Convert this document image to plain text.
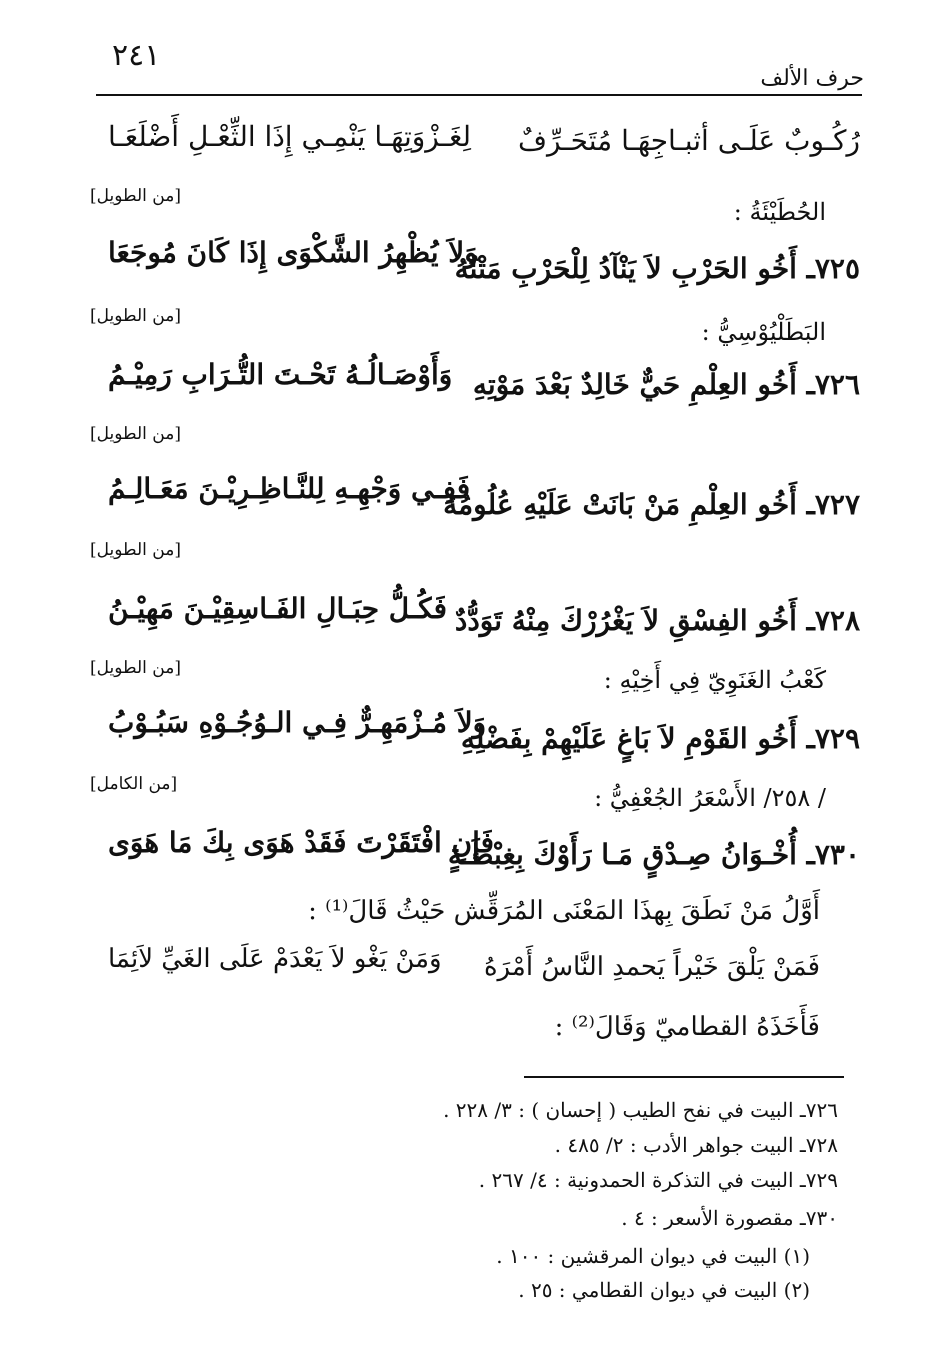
٢٤١
حرف الألف
رُكُـوبٌ عَلَـى أثبـاجِهَـا مُتَحَـرِّفٌ
لِغَـزْوَتِهَـا يَنْمِـي إِذَا الثِّعْـلِ أَضْلَعَـا
[من الطويل]
الحُطَيْئَةُ :
٧٢٥ـ أَخُو الحَرْبِ لاَ يَنْآدُ لِلْحَرْبِ مَتْنُهُ
وَلاَ يُظْهِرُ الشَّكْوَى إِذَا كَانَ مُوجَعَا
[من الطويل]
البَطَلْيُوْسِيُّ :
٧٢٦ـ أَخُو العِلْمِ حَيٌّ خَالِدٌ بَعْدَ مَوْتِهِ
وَأَوْصَـالُـهُ تَحْـتَ التُّـرَابِ رَمِيْـمُ
[من الطويل]
٧٢٧ـ أَخُو العِلْمِ مَنْ بَانَتْ عَلَيْهِ عُلُومُهُ
فَفِـي وَجْهِـهِ لِلنَّـاظِـرِيْـنَ مَعَـالِـمُ
[من الطويل]
٧٢٨ـ أَخُو الفِسْقِ لاَ يَغْرُرْكَ مِنْهُ تَوَدُّدٌ
فَكُـلُّ حِبَـالِ الفَـاسِقِيْـنَ مَهِيْـنُ
[من الطويل]	كَعْبُ الغَنَوِيّ فِي أَخِيْهِ :
٧٢٩ـ أَخُو القَوْمِ لاَ بَاغٍ عَلَيْهِمْ بِفَضْلِهِ
وَلاَ مُـزْمَهِـرٌّ فِـي الـوُجُـوْهِ سَبُـوْبُ
[من الكامل]	/ ٢٥٨/ الأَسْعَرُ الجُعْفِيُّ :
٧٣٠ـ أُخْـوَانُ صِـدْقٍ مَـا رَأَوْكَ بِغِبْطَـةٍ
فَإِنِ افْتَقَرْتَ فَقَدْ هَوَى بِكَ مَا هَوَى
أَوَّلُ مَنْ نَطَقَ بِهذَا المَعْنَى المُرَقِّش حَيْثُ قَالَ⁽¹⁾ :
فَمَنْ يَلْقَ خَيْراً يَحمدِ النَّاسُ أَمْرَهُ
وَمَنْ يَغْو لاَ يَعْدَمْ عَلَى الغَيِّ لاَئِمَا
فَأَخَذَهُ القطاميّ وَقَالَ⁽²⁾ :
٧٢٦ـ البيت في نفح الطيب ( إحسان ) : ٣/ ٢٢٨ .
٧٢٨ـ البيت جواهر الأدب : ٢/ ٤٨٥ .
٧٢٩ـ البيت في التذكرة الحمدونية : ٤/ ٢٦٧ .
٧٣٠ـ مقصورة الأسعر : ٤ .
(١) البيت في ديوان المرقشين : ١٠٠ .
(٢) البيت في ديوان القطامي : ٢٥ .
